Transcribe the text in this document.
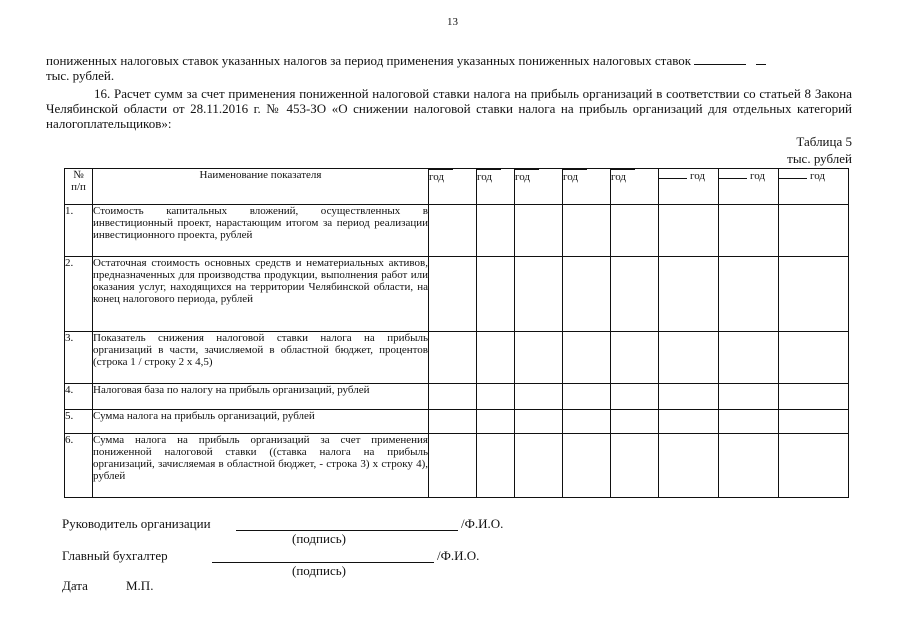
13
пониженных налоговых ставок указанных налогов за период применения указанных пониженных налоговых ставок
тыс. рублей.
16. Расчет сумм за счет применения пониженной налоговой ставки налога на прибыль организаций в соответствии со статьей 8 Закона Челябинской области от 28.11.2016 г. № 453-ЗО «О снижении налоговой ставки налога на прибыль организаций для отдельных категорий налогоплательщиков»:
Таблица 5
тыс. рублей
№
п/п	Наименование показателя	год	год	год	год	год	год	год	год
1.	Стоимость капитальных вложений, осуществленных в инвестиционный проект, нарастающим итогом за период реализации инвестиционного проекта, рублей								
2.	Остаточная стоимость основных средств и нематериальных активов, предназначенных для производства продукции, выполнения работ или оказания услуг, находящихся на территории Челябинской области, на конец налогового периода, рублей								
3.	Показатель снижения налоговой ставки налога на прибыль организаций в части, зачисляемой в областной бюджет, процентов (строка 1 / строку 2 х 4,5)								
4.	Налоговая база по налогу на прибыль организаций, рублей								
5.	Сумма налога на прибыль организаций, рублей								
6.	Сумма налога на прибыль организаций за счет применения пониженной налоговой ставки ((ставка налога на прибыль организаций, зачисляемая в областной бюджет, - строка 3) х строку 4), рублей								
Руководитель организации	/Ф.И.О.
(подпись)
Главный бухгалтер	/Ф.И.О.
(подпись)
Дата	М.П.
